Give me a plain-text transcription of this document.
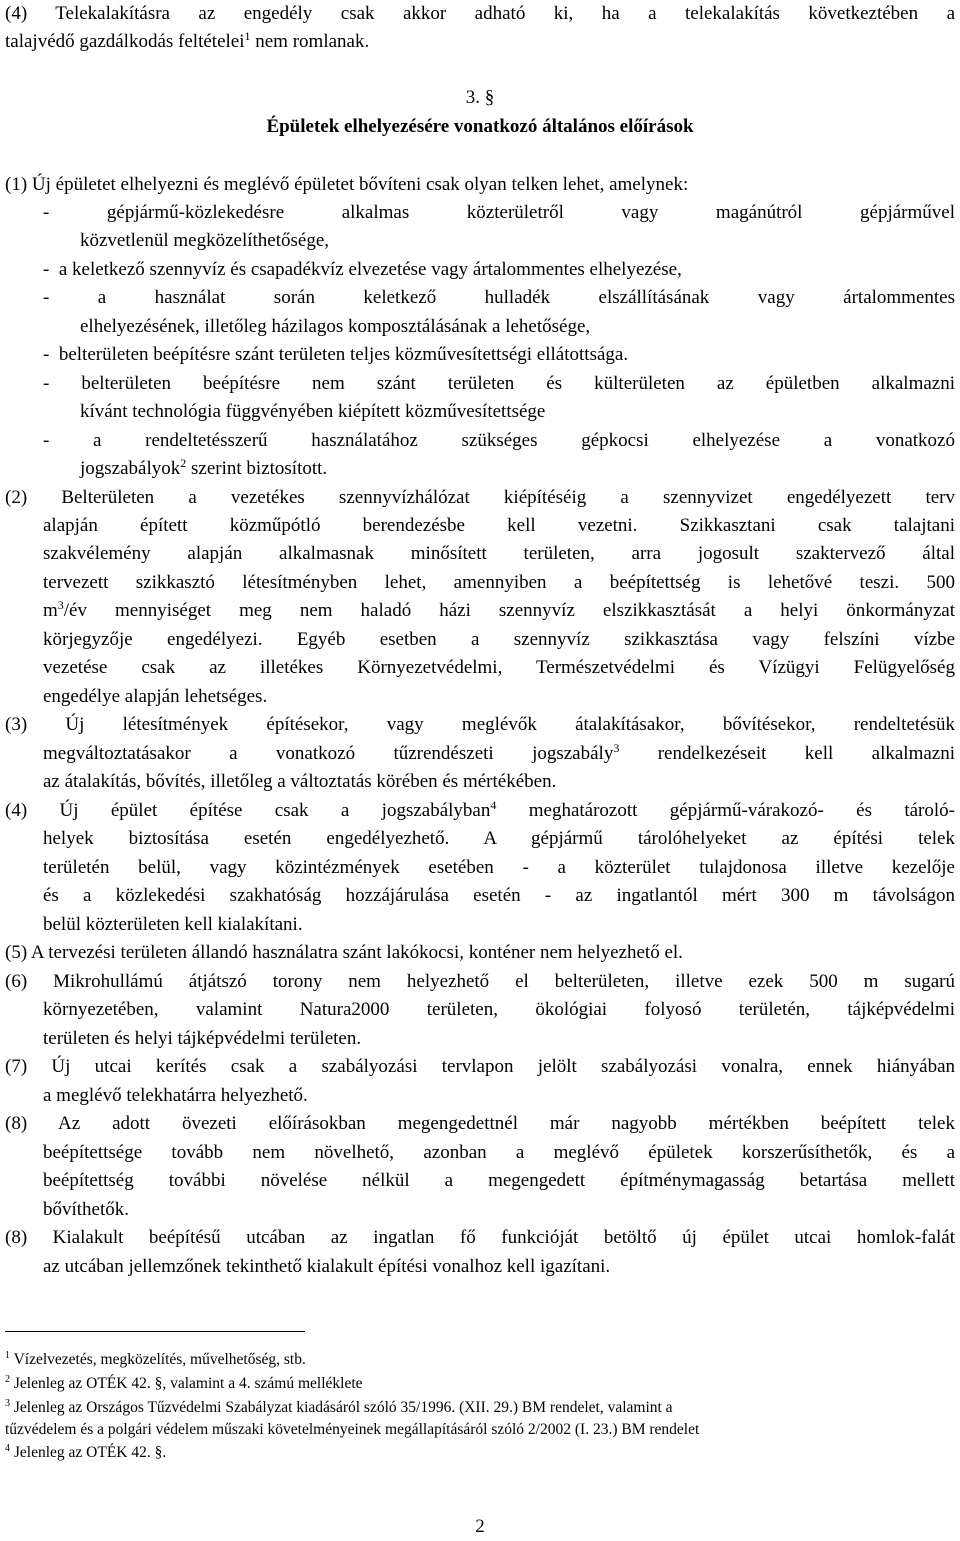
(4) Telekalakításra az engedély csak akkor adható ki, ha a telekalakítás következtében a
talajvédő gazdálkodás feltételei$^1$ nem romlanak.
3. §
Épületek elhelyezésére vonatkozó általános előírások
(1) Új épületet elhelyezni és meglévő épületet bővíteni csak olyan telken lehet, amelynek:
- gépjármű-közlekedésre alkalmas közterületről vagy magánútról gépjárművel
közvetlenül megközelíthetősége,
-  a keletkező szennyvíz és csapadékvíz elvezetése vagy ártalommentes elhelyezése,
- a használat során keletkező hulladék elszállításának vagy ártalommentes
elhelyezésének, illetőleg házilagos komposztálásának a lehetősége,
-  belterületen beépítésre szánt területen teljes közművesítettségi ellátottsága.
- belterületen beépítésre nem szánt területen és külterületen az épületben alkalmazni
kívánt technológia függvényében kiépített közművesítettsége
- a rendeltetésszerű használatához szükséges gépkocsi elhelyezése a vonatkozó
jogszabályok$^2$ szerint biztosított.
(2) Belterületen a vezetékes szennyvízhálózat kiépítéséig a szennyvizet engedélyezett terv
alapján épített közműpótló berendezésbe kell vezetni. Szikkasztani csak talajtani
szakvélemény alapján alkalmasnak minősített területen, arra jogosult szaktervező által
tervezett szikkasztó létesítményben lehet, amennyiben a beépítettség is lehetővé teszi. 500
$m^3/év$ mennyiséget meg nem haladó házi szennyvíz elszikkasztását a helyi önkormányzat
körjegyzője engedélyezi. Egyéb esetben a szennyvíz szikkasztása vagy felszíni vízbe
vezetése csak az illetékes Környezetvédelmi, Természetvédelmi és Vízügyi Felügyelőség
engedélye alapján lehetséges.
(3) Új létesítmények építésekor, vagy meglévők átalakításakor, bővítésekor, rendeltetésük
megváltoztatásakor a vonatkozó tűzrendészeti jogszabály$^3$ rendelkezéseit kell alkalmazni
az átalakítás, bővítés, illetőleg a változtatás körében és mértékében.
(4) Új épület építése csak a jogszabályban$^4$ meghatározott gépjármű-várakozó- és tároló-
helyek biztosítása esetén engedélyezhető. A gépjármű tárolóhelyeket az építési telek
területén belül, vagy közintézmények esetében - a közterület tulajdonosa illetve kezelője
és a közlekedési szakhatóság hozzájárulása esetén - az ingatlantól mért 300 m távolságon
belül közterületen kell kialakítani.
(5) A tervezési területen állandó használatra szánt lakókocsi, konténer nem helyezhető el.
(6) Mikrohullámú átjátszó torony nem helyezhető el belterületen, illetve ezek 500 m sugarú
környezetében, valamint Natura2000 területen, ökológiai folyosó területén, tájképvédelmi
területen és helyi tájképvédelmi területen.
(7) Új utcai kerítés csak a szabályozási tervlapon jelölt szabályozási vonalra, ennek hiányában
a meglévő telekhatárra helyezhető.
(8) Az adott övezeti előírásokban megengedettnél már nagyobb mértékben beépített telek
beépítettsége tovább nem növelhető, azonban a meglévő épületek korszerűsíthetők, és a
beépítettség további növelése nélkül a megengedett építménymagasság betartása mellett
bővíthetők.
(8) Kialakult beépítésű utcában az ingatlan fő funkcióját betöltő új épület utcai homlok-falát
az utcában jellemzőnek tekinthető kialakult építési vonalhoz kell igazítani.
$^1$ Vízelvezetés, megközelítés, művelhetőség, stb.
$^2$ Jelenleg az OTÉK 42. §, valamint a 4. számú melléklete
$^3$ Jelenleg az Országos Tűzvédelmi Szabályzat kiadásáról szóló 35/1996. (XII. 29.) BM rendelet, valamint a
tűzvédelem és a polgári védelem műszaki követelményeinek megállapításáról szóló 2/2002 (I. 23.) BM rendelet
$^4$ Jelenleg az OTÉK 42. §.
2
